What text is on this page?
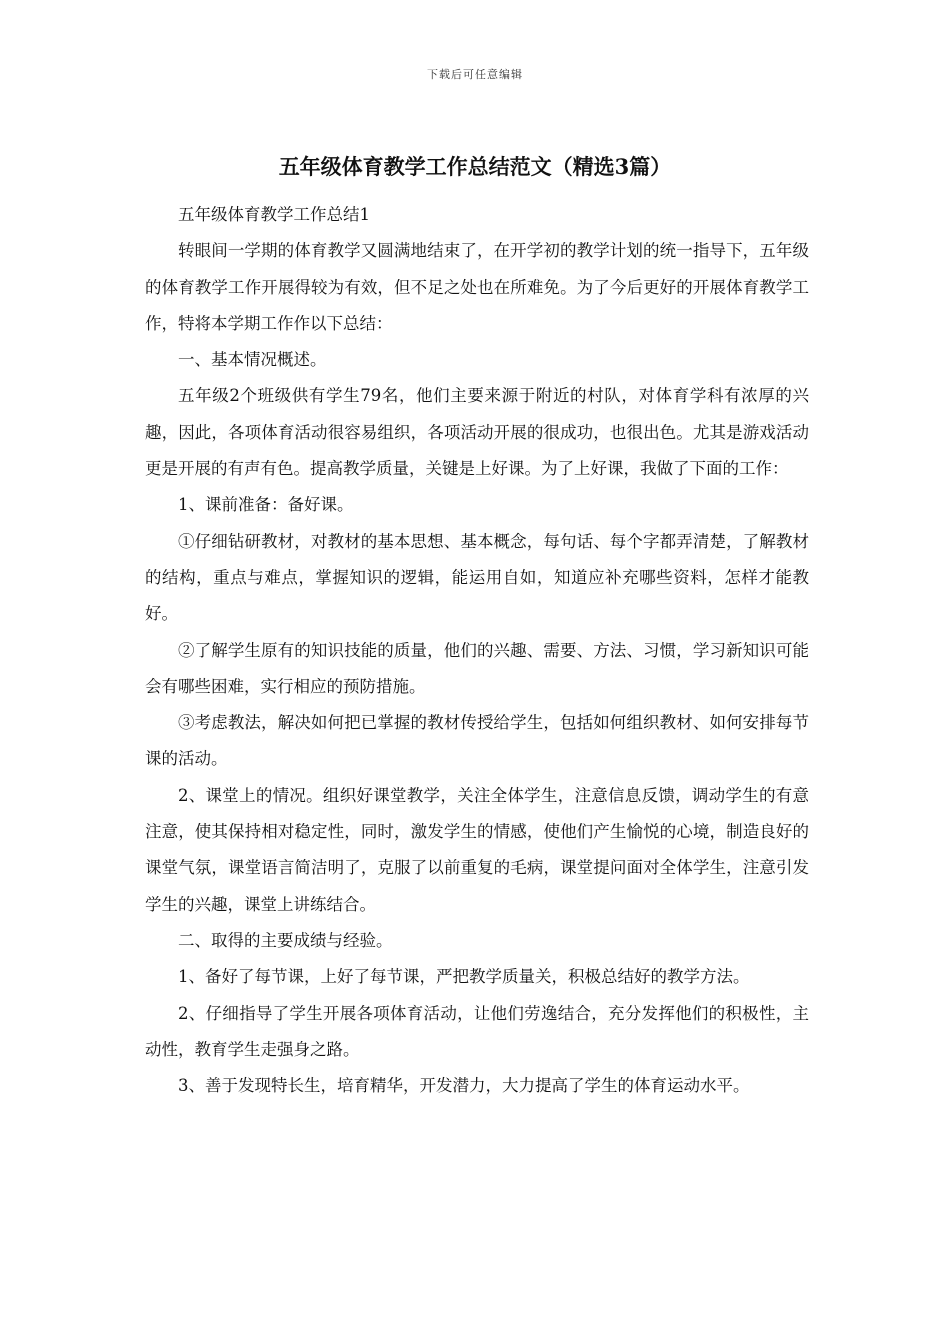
下载后可任意编辑
五年级体育教学工作总结范文（精选3篇）

五年级体育教学工作总结1

转眼间一学期的体育教学又圆满地结束了，在开学初的教学计划的统一指导下，五年级的体育教学工作开展得较为有效，但不足之处也在所难免。为了今后更好的开展体育教学工作，特将本学期工作作以下总结：

一、基本情况概述。

五年级2个班级供有学生79名，他们主要来源于附近的村队，对体育学科有浓厚的兴趣，因此，各项体育活动很容易组织，各项活动开展的很成功，也很出色。尤其是游戏活动更是开展的有声有色。提高教学质量，关键是上好课。为了上好课，我做了下面的工作：

1、课前准备：备好课。

①仔细钻研教材，对教材的基本思想、基本概念，每句话、每个字都弄清楚，了解教材的结构，重点与难点，掌握知识的逻辑，能运用自如，知道应补充哪些资料，怎样才能教好。

②了解学生原有的知识技能的质量，他们的兴趣、需要、方法、习惯，学习新知识可能会有哪些困难，实行相应的预防措施。

③考虑教法，解决如何把已掌握的教材传授给学生，包括如何组织教材、如何安排每节课的活动。

2、课堂上的情况。组织好课堂教学，关注全体学生，注意信息反馈，调动学生的有意注意，使其保持相对稳定性，同时，激发学生的情感，使他们产生愉悦的心境，制造良好的课堂气氛，课堂语言简洁明了，克服了以前重复的毛病，课堂提问面对全体学生，注意引发学生的兴趣，课堂上讲练结合。

二、取得的主要成绩与经验。

1、备好了每节课，上好了每节课，严把教学质量关，积极总结好的教学方法。

2、仔细指导了学生开展各项体育活动，让他们劳逸结合，充分发挥他们的积极性，主动性，教育学生走强身之路。

3、善于发现特长生，培育精华，开发潜力，大力提高了学生的体育运动水平。
